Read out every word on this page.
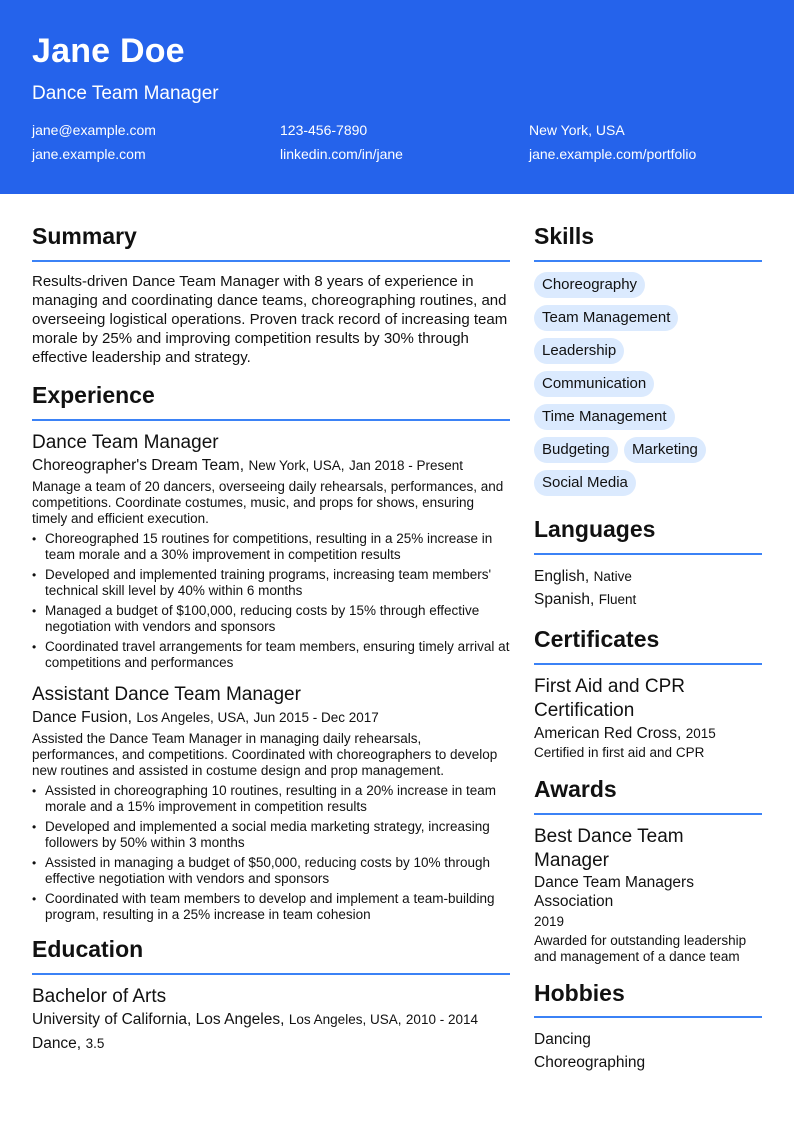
Jane Doe
Dance Team Manager
jane@example.com	123-456-7890	New York, USA
jane.example.com	linkedin.com/in/jane	jane.example.com/portfolio
Summary

Results-driven Dance Team Manager with 8 years of experience in managing and coordinating dance teams, choreographing routines, and overseeing logistical operations. Proven track record of increasing team morale by 25% and improving competition results by 30% through effective leadership and strategy.

Experience
Dance Team Manager
Choreographer's Dream Team, New York, USA, Jan 2018 - Present

Manage a team of 20 dancers, overseeing daily rehearsals, performances, and competitions. Coordinate costumes, music, and props for shows, ensuring timely and efficient execution.

• Choreographed 15 routines for competitions, resulting in a 25% increase in team morale and a 30% improvement in competition results
• Developed and implemented training programs, increasing team members' technical skill level by 40% within 6 months
• Managed a budget of $100,000, reducing costs by 15% through effective negotiation with vendors and sponsors
• Coordinated travel arrangements for team members, ensuring timely arrival at competitions and performances
Assistant Dance Team Manager
Dance Fusion, Los Angeles, USA, Jun 2015 - Dec 2017

Assisted the Dance Team Manager in managing daily rehearsals, performances, and competitions. Coordinated with choreographers to develop new routines and assisted in costume design and prop management.

• Assisted in choreographing 10 routines, resulting in a 20% increase in team morale and a 15% improvement in competition results
• Developed and implemented a social media marketing strategy, increasing followers by 50% within 3 months
• Assisted in managing a budget of $50,000, reducing costs by 10% through effective negotiation with vendors and sponsors
• Coordinated with team members to develop and implement a team-building program, resulting in a 25% increase in team cohesion
Education
Bachelor of Arts
University of California, Los Angeles, Los Angeles, USA, 2010 - 2014
Dance, 3.5
Skills
Choreography
Team Management
Leadership
Communication
Time Management
Budgeting Marketing
Social Media
Languages
English, Native
Spanish, Fluent
Certificates
First Aid and CPR Certification
American Red Cross, 2015
Certified in first aid and CPR
Awards
Best Dance Team Manager
Dance Team Managers Association
2019
Awarded for outstanding leadership and management of a dance team
Hobbies
Dancing
Choreographing
